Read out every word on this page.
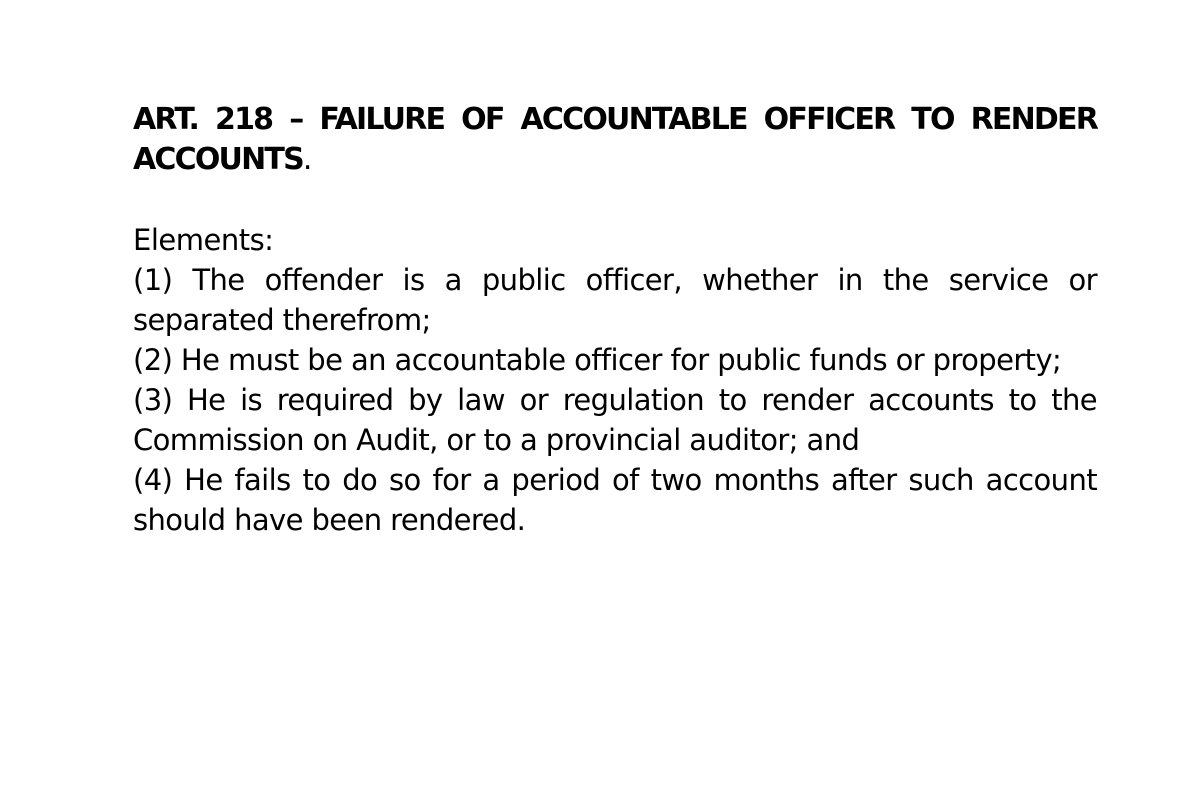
ART. 218 – FAILURE OF ACCOUNTABLE OFFICER TO RENDER ACCOUNTS.

Elements:

(1) The offender is a public officer, whether in the service or separated therefrom;
(2) He must be an accountable officer for public funds or property;
(3) He is required by law or regulation to render accounts to the Commission on Audit, or to a provincial auditor; and
(4) He fails to do so for a period of two months after such account should have been rendered.
